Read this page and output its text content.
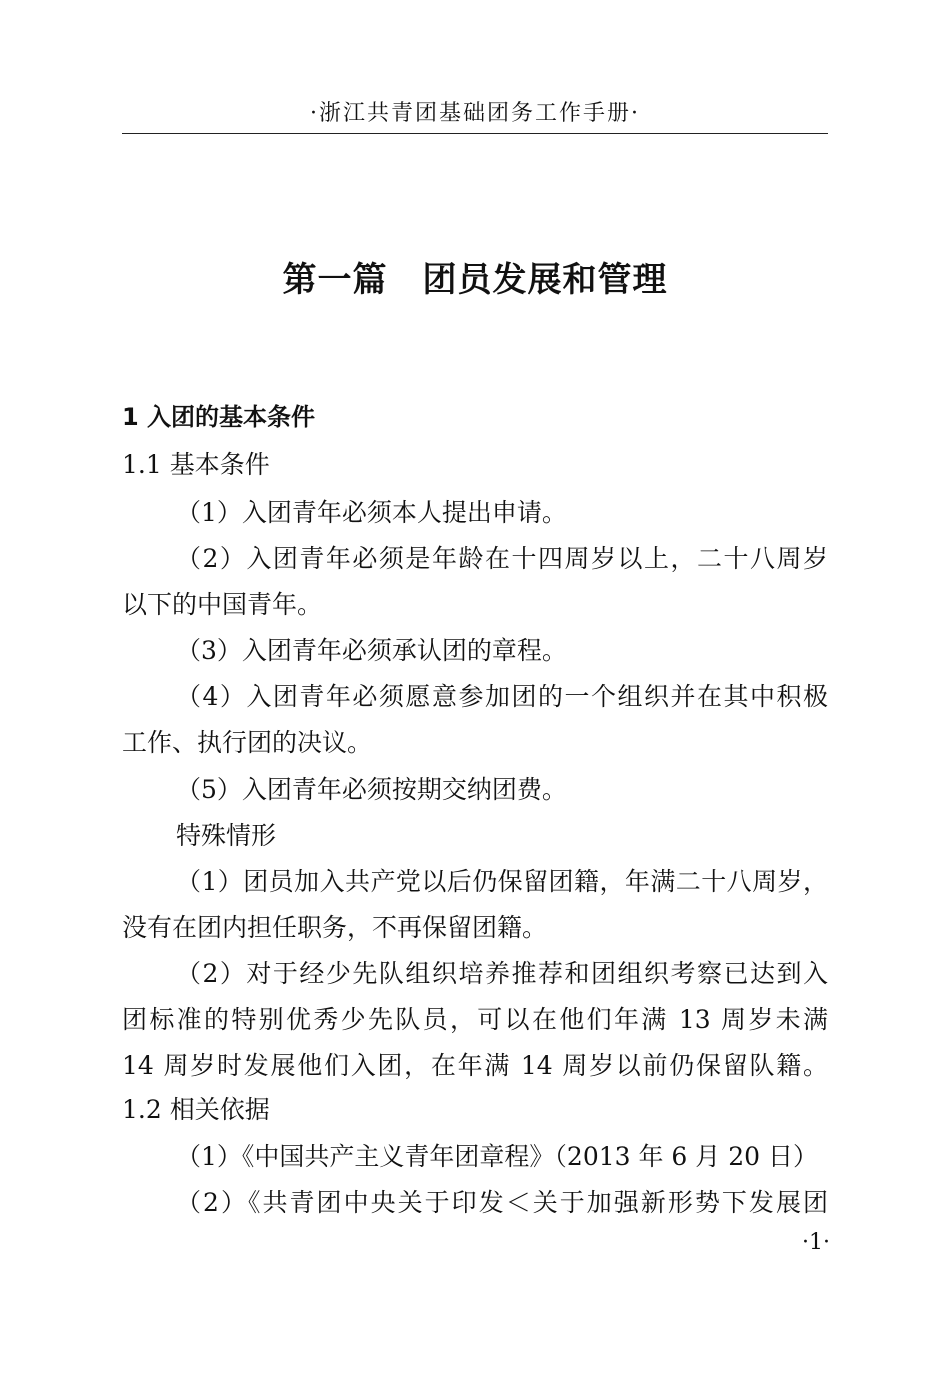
·浙江共青团基础团务工作手册·
第一篇　团员发展和管理
1 入团的基本条件
1.1 基本条件
（1）入团青年必须本人提出申请。
（2）入团青年必须是年龄在十四周岁以上，二十八周岁
以下的中国青年。
（3）入团青年必须承认团的章程。
（4）入团青年必须愿意参加团的一个组织并在其中积极
工作、执行团的决议。
（5）入团青年必须按期交纳团费。
特殊情形
（1）团员加入共产党以后仍保留团籍，年满二十八周岁，
没有在团内担任职务，不再保留团籍。
（2）对于经少先队组织培养推荐和团组织考察已达到入
团标准的特别优秀少先队员，可以在他们年满 13 周岁未满
14 周岁时发展他们入团，在年满 14 周岁以前仍保留队籍。
1.2 相关依据
（1）《中国共产主义青年团章程》（2013 年 6 月 20 日）
（2）《共青团中央关于印发＜关于加强新形势下发展团
·1·
